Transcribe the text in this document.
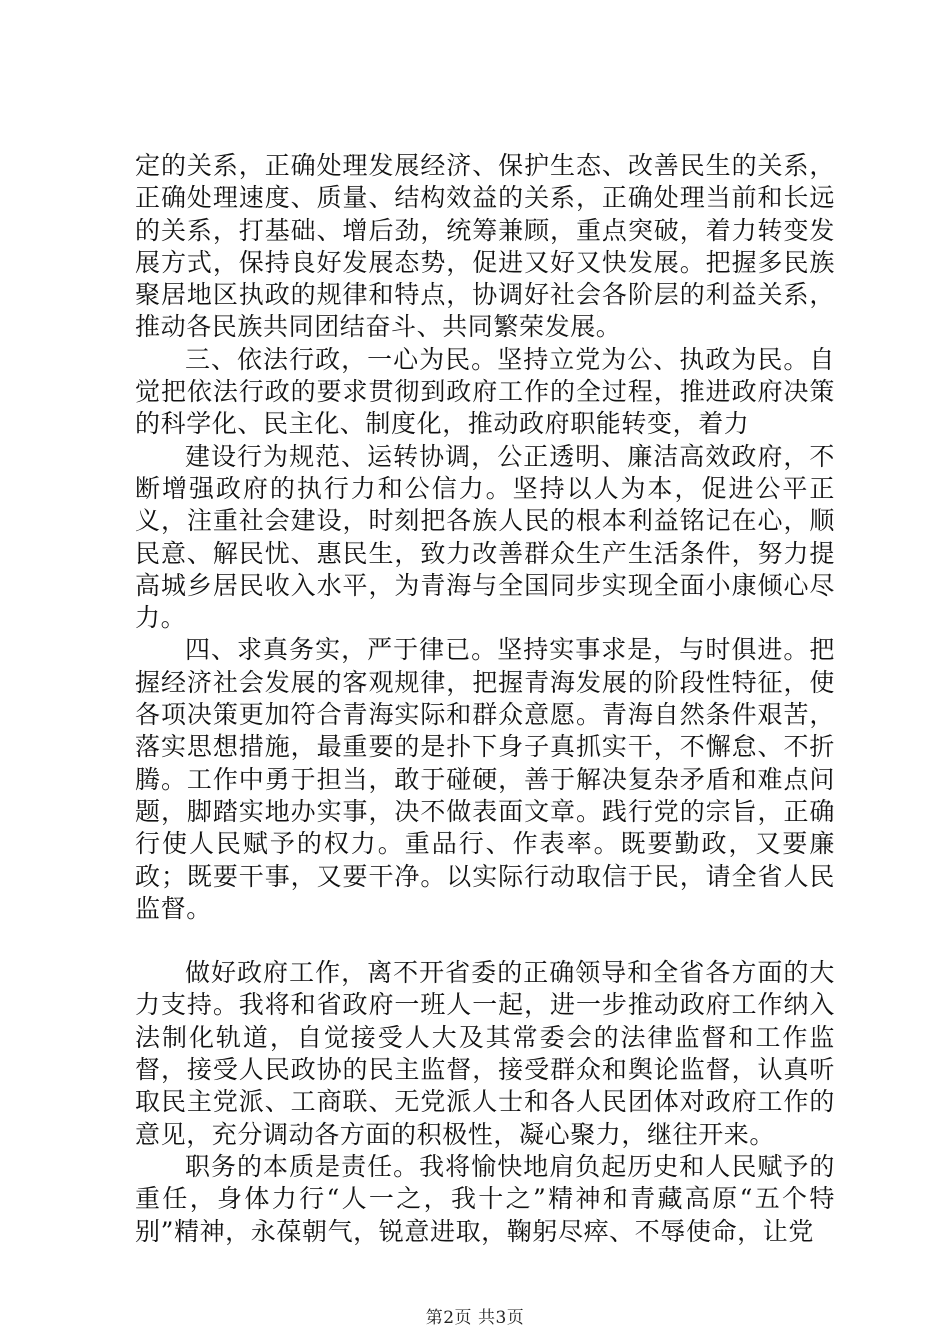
定的关系，正确处理发展经济、保护生态、改善民生的关系，正确处理速度、质量、结构效益的关系，正确处理当前和长远的关系，打基础、增后劲，统筹兼顾，重点突破，着力转变发展方式，保持良好发展态势，促进又好又快发展。把握多民族聚居地区执政的规律和特点，协调好社会各阶层的利益关系，推动各民族共同团结奋斗、共同繁荣发展。

三、依法行政，一心为民。坚持立党为公、执政为民。自觉把依法行政的要求贯彻到政府工作的全过程，推进政府决策的科学化、民主化、制度化，推动政府职能转变，着力

建设行为规范、运转协调，公正透明、廉洁高效政府，不断增强政府的执行力和公信力。坚持以人为本，促进公平正义，注重社会建设，时刻把各族人民的根本利益铭记在心，顺民意、解民忧、惠民生，致力改善群众生产生活条件，努力提高城乡居民收入水平，为青海与全国同步实现全面小康倾心尽力。

四、求真务实，严于律已。坚持实事求是，与时俱进。把握经济社会发展的客观规律，把握青海发展的阶段性特征，使各项决策更加符合青海实际和群众意愿。青海自然条件艰苦，落实思想措施，最重要的是扑下身子真抓实干，不懈怠、不折腾。工作中勇于担当，敢于碰硬，善于解决复杂矛盾和难点问题，脚踏实地办实事，决不做表面文章。践行党的宗旨，正确行使人民赋予的权力。重品行、作表率。既要勤政，又要廉政；既要干事，又要干净。以实际行动取信于民，请全省人民监督。

做好政府工作，离不开省委的正确领导和全省各方面的大力支持。我将和省政府一班人一起，进一步推动政府工作纳入法制化轨道，自觉接受人大及其常委会的法律监督和工作监督，接受人民政协的民主监督，接受群众和舆论监督，认真听取民主党派、工商联、无党派人士和各人民团体对政府工作的意见，充分调动各方面的积极性，凝心聚力，继往开来。

职务的本质是责任。我将愉快地肩负起历史和人民赋予的重任，身体力行“人一之，我十之”精神和青藏高原“五个特别”精神，永葆朝气，锐意进取，鞠躬尽瘁、不辱使命，让党

第2页 共3页
